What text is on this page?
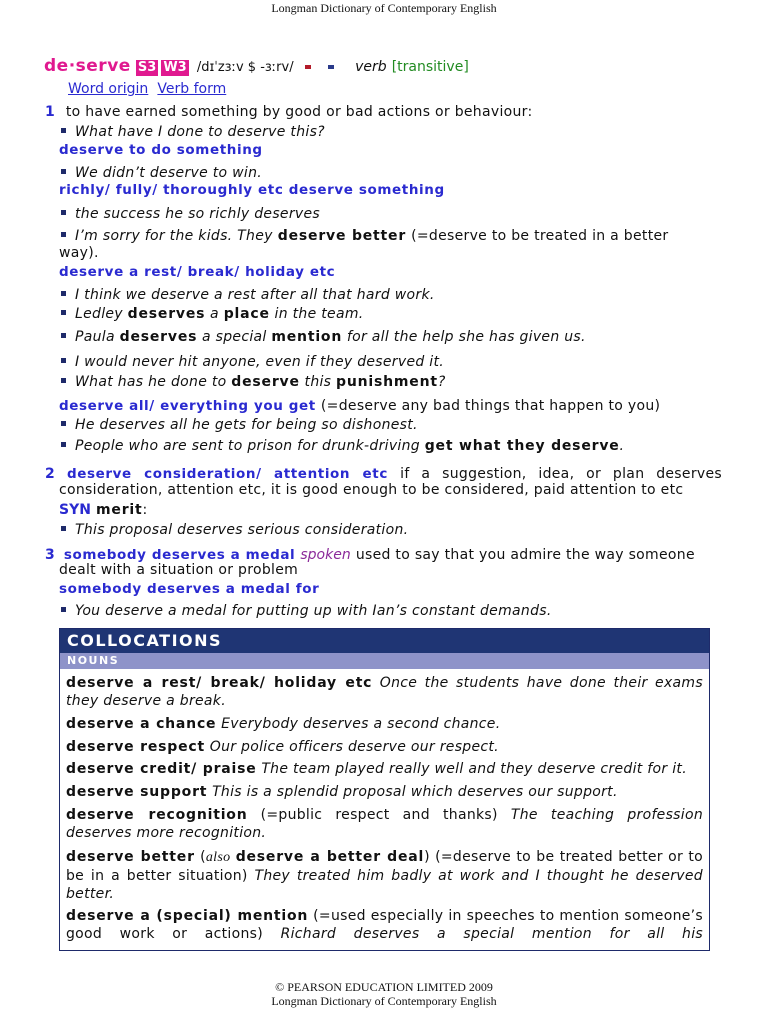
Longman Dictionary of Contemporary English
de·serve S3 W3 /dɪˈzɜːv $ -ɜːrv/	verb [transitive]
Word origin Verb form
1 to have earned something by good or bad actions or behaviour:
What have I done to deserve this?
deserve to do something
We didn’t deserve to win.
richly/ fully/ thoroughly etc deserve something
the success he so richly deserves
I’m sorry for the kids. They deserve better (=deserve to be treated in a better
way).
deserve a rest/ break/ holiday etc
I think we deserve a rest after all that hard work.
Ledley deserves a place in the team.
Paula deserves a special mention for all the help she has given us.
I would never hit anyone, even if they deserved it.
What has he done to deserve this punishment?
deserve all/ everything you get (=deserve any bad things that happen to you)
He deserves all he gets for being so dishonest.
People who are sent to prison for drunk-driving get what they deserve.
2 deserve consideration/ attention etc if a suggestion, idea, or plan deserves
consideration, attention etc, it is good enough to be considered, paid attention to etc
SYN merit:
This proposal deserves serious consideration.
3 somebody deserves a medal spoken used to say that you admire the way someone
dealt with a situation or problem
somebody deserves a medal for
You deserve a medal for putting up with Ian’s constant demands.
COLLOCATIONS
NOUNS
deserve a rest/ break/ holiday etc Once the students have done their exams they deserve a break.
deserve a chance Everybody deserves a second chance.
deserve respect Our police officers deserve our respect.
deserve credit/ praise The team played really well and they deserve credit for it.
deserve support This is a splendid proposal which deserves our support.
deserve recognition (=public respect and thanks) The teaching profession deserves more recognition.
deserve better (also deserve a better deal) (=deserve to be treated better or to be in a better situation) They treated him badly at work and I thought he deserved better.
deserve a (special) mention (=used especially in speeches to mention someone’s good work or actions) Richard deserves a special mention for all his
© PEARSON EDUCATION LIMITED 2009
Longman Dictionary of Contemporary English
